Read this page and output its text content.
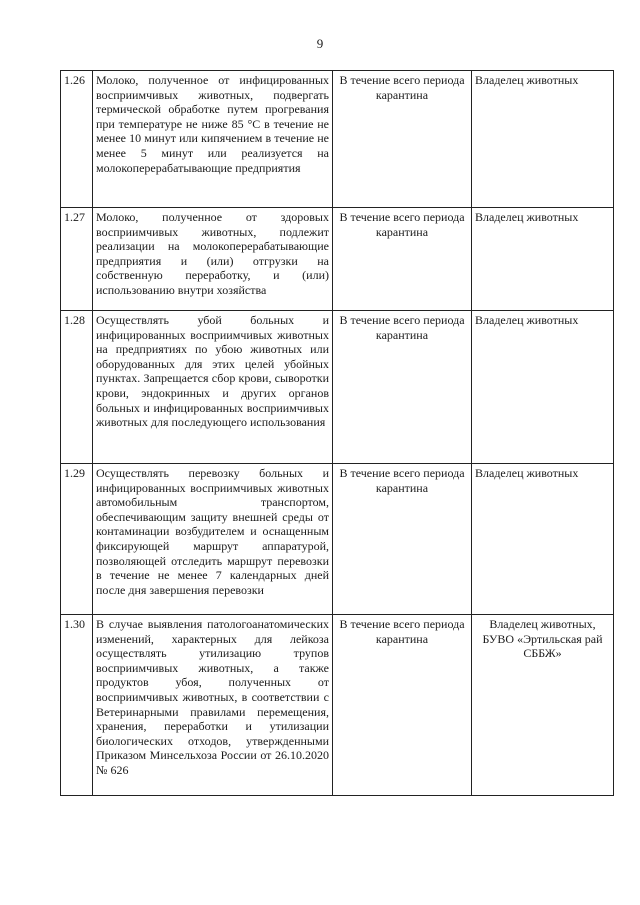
9
1.26	Молоко, полученное от инфицированных восприимчивых животных, подвергать термической обработке путем прогревания при температуре не ниже 85 °С в течение не менее 10 минут или кипячением в течение не менее 5 минут или реализуется на молокоперерабатывающие предприятия	В течение всего периода карантина	Владелец животных
1.27	Молоко, полученное от здоровых восприимчивых животных, подлежит реализации на молокоперерабатывающие предприятия и (или) отгрузки на собственную переработку, и (или) использованию внутри хозяйства	В течение всего периода карантина	Владелец животных
1.28	Осуществлять убой больных и инфицированных восприимчивых животных на предприятиях по убою животных или оборудованных для этих целей убойных пунктах. Запрещается сбор крови, сыворотки крови, эндокринных и других органов больных и инфицированных восприимчивых животных для последующего использования	В течение всего периода карантина	Владелец животных
1.29	Осуществлять перевозку больных и инфицированных восприимчивых животных автомобильным транспортом, обеспечивающим защиту внешней среды от контаминации возбудителем и оснащенным фиксирующей маршрут аппаратурой, позволяющей отследить маршрут перевозки в течение не менее 7 календарных дней после дня завершения перевозки	В течение всего периода карантина	Владелец животных
1.30	В случае выявления патологоанатомических изменений, характерных для лейкоза осуществлять утилизацию трупов восприимчивых животных, а также продуктов убоя, полученных от восприимчивых животных, в соответствии с Ветеринарными правилами перемещения, хранения, переработки и утилизации биологических отходов, утвержденными Приказом Минсельхоза России от 26.10.2020 № 626	В течение всего периода карантина	Владелец животных, БУВО «Эртильская рай СББЖ»
